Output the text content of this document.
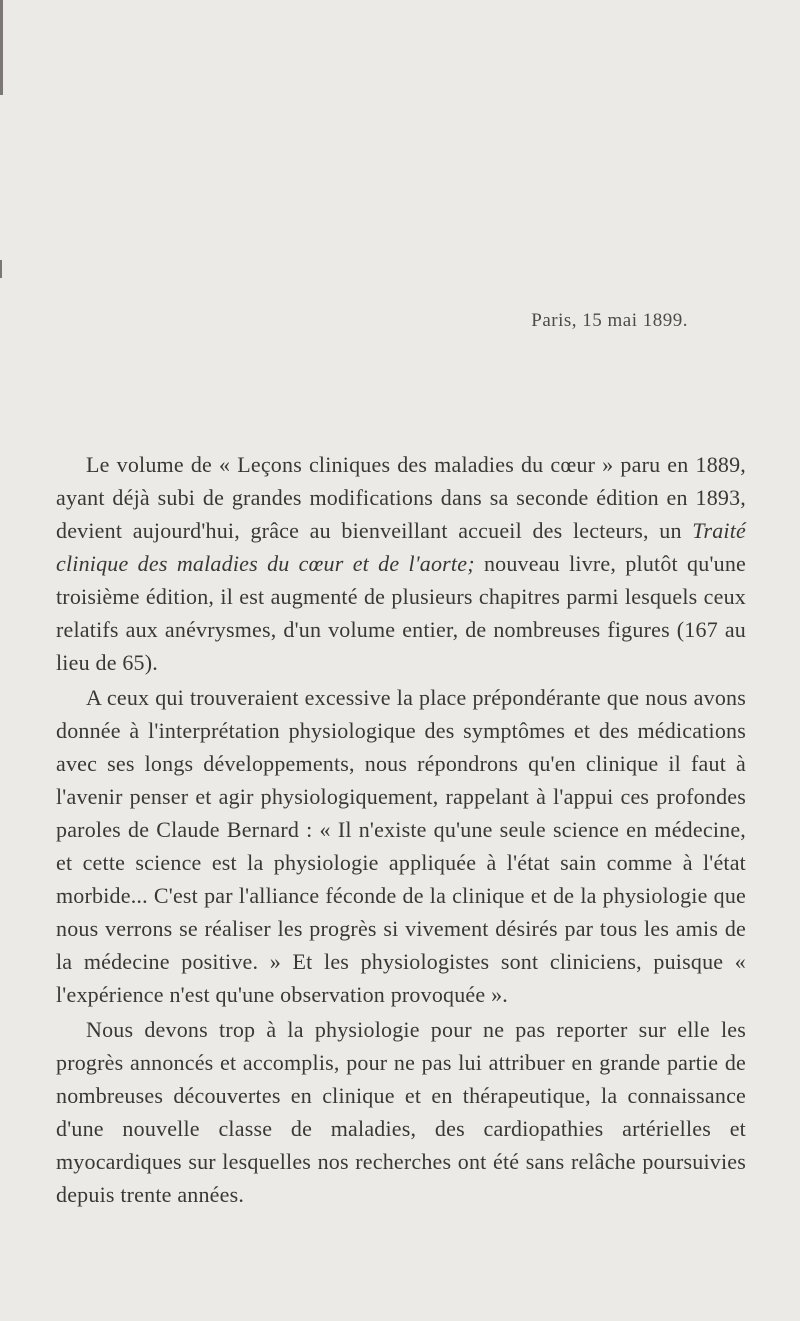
Paris, 15 mai 1899.

Le volume de « Leçons cliniques des maladies du cœur » paru en 1889, ayant déjà subi de grandes modifications dans sa seconde édition en 1893, devient aujourd'hui, grâce au bienveillant accueil des lecteurs, un Traité clinique des maladies du cœur et de l'aorte; nouveau livre, plutôt qu'une troisième édition, il est augmenté de plusieurs chapitres parmi lesquels ceux relatifs aux anévrysmes, d'un volume entier, de nombreuses figures (167 au lieu de 65).

A ceux qui trouveraient excessive la place prépondérante que nous avons donnée à l'interprétation physiologique des symptômes et des médications avec ses longs développements, nous répondrons qu'en clinique il faut à l'avenir penser et agir physiologiquement, rappelant à l'appui ces profondes paroles de Claude Bernard : « Il n'existe qu'une seule science en médecine, et cette science est la physiologie appliquée à l'état sain comme à l'état morbide... C'est par l'alliance féconde de la clinique et de la physiologie que nous verrons se réaliser les progrès si vivement désirés par tous les amis de la médecine positive. » Et les physiologistes sont cliniciens, puisque « l'expérience n'est qu'une observation provoquée ».

Nous devons trop à la physiologie pour ne pas reporter sur elle les progrès annoncés et accomplis, pour ne pas lui attribuer en grande partie de nombreuses découvertes en clinique et en thérapeutique, la connaissance d'une nouvelle classe de maladies, des cardiopathies artérielles et myocardiques sur lesquelles nos recherches ont été sans relâche poursuivies depuis trente années.
